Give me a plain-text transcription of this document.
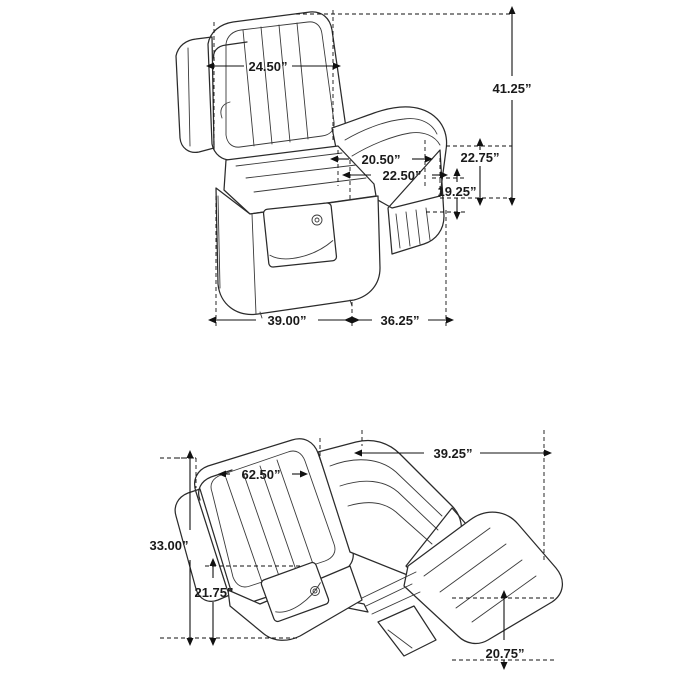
24.50”
41.25”
20.50”	22.75”
22.50”
19.25”
39.00”	36.25”
39.25”
62.50”
33.00”
21.75”
20.75”
